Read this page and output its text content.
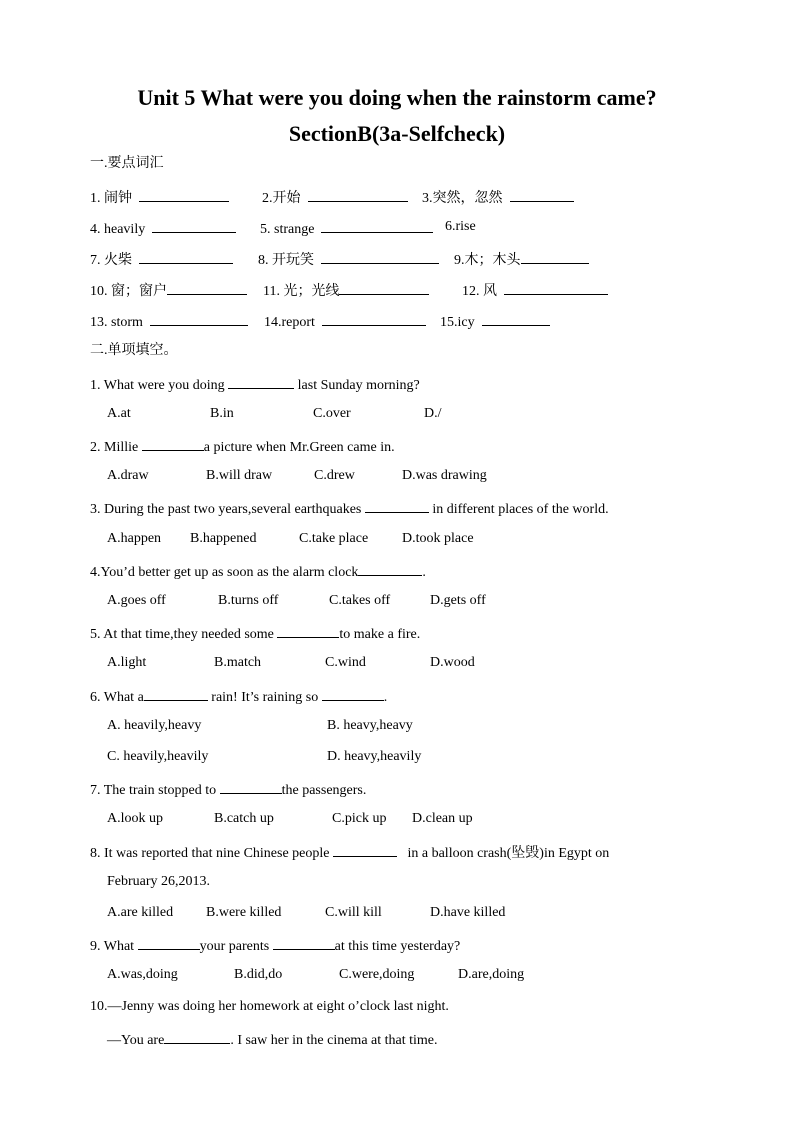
Unit 5 What were you doing when the rainstorm came?
SectionB(3a-Selfcheck)
一.要点词汇
1. 闹钟	2.开始	3.突然，忽然
4. heavily	5. strange	6.rise
7. 火柴	8. 开玩笑	9.木；木头
10. 窗；窗户	11. 光；光线	12. 风
13. storm	14.report	15.icy
二.单项填空。
1. What were you doing	last Sunday morning?
A.at	B.in	C.over	D./
2. Millie	a picture when Mr.Green came in.
A.draw	B.will draw	C.drew	D.was drawing
3. During the past two years,several earthquakes	in different places of the world.
A.happen B.happened	C.take place D.took place
4.You’d better get up as soon as the alarm clock	.
A.goes off	B.turns off	C.takes off	D.gets off
5. At that time,they needed some	to make a fire.
A.light	B.match	C.wind	D.wood
6. What a	rain! It’s raining so	.
A. heavily,heavy	B. heavy,heavy
C. heavily,heavily	D. heavy,heavily
7. The train stopped to	the passengers.
A.look up	B.catch up	C.pick up D.clean up
8. It was reported that nine Chinese people	in a balloon crash(坠毁)in Egypt on
February 26,2013.
A.are killed B.were killed	C.will kill	D.have killed
9. What	your parents	at this time yesterday?
A.was,doing	B.did,do	C.were,doing	D.are,doing
10.—Jenny was doing her homework at eight o’clock last night.
—You are	. I saw her in the cinema at that time.
